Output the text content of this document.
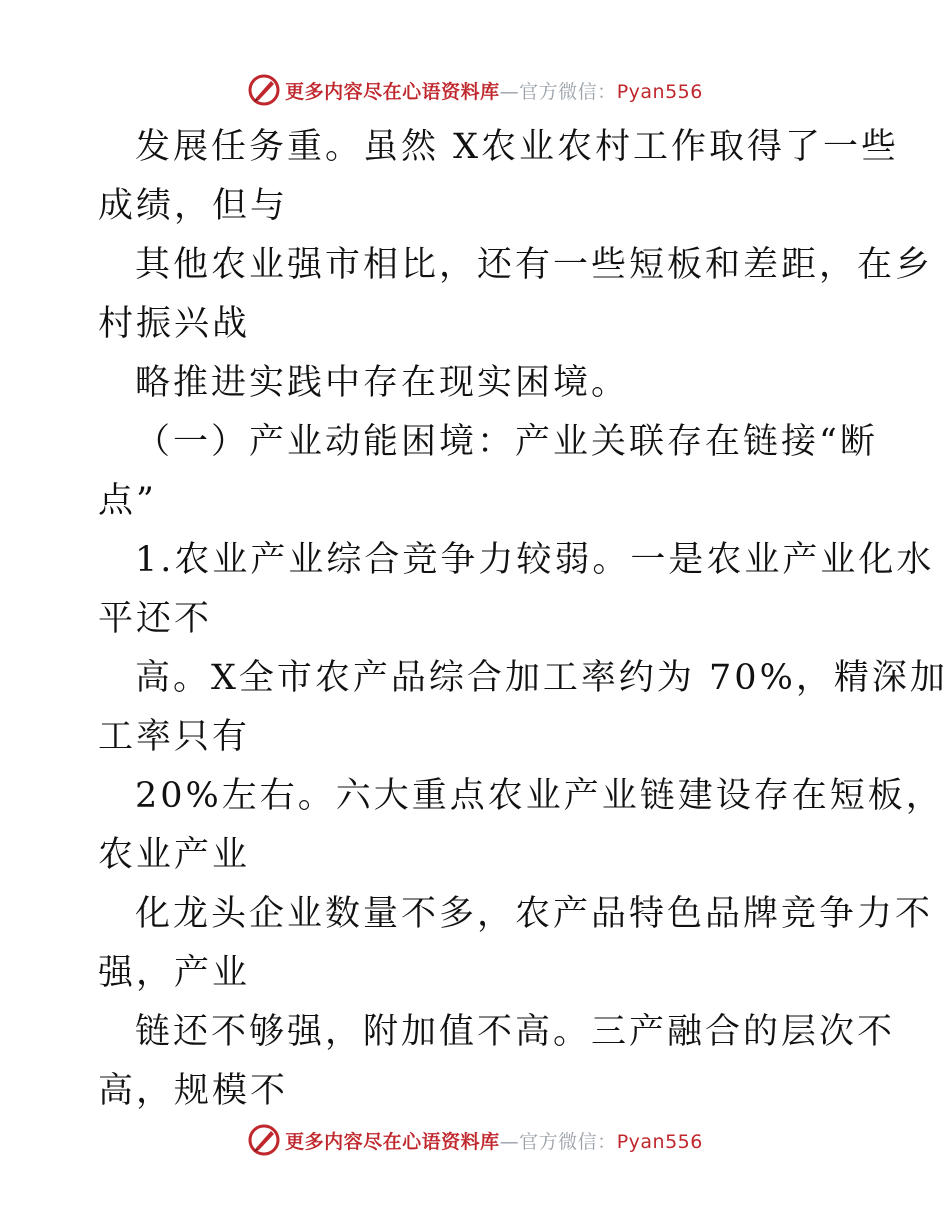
更多内容尽在心语资料库—官方微信：Pyan556
发展任务重。虽然 X农业农村工作取得了一些
成绩，但与
其他农业强市相比，还有一些短板和差距，在乡
村振兴战
略推进实践中存在现实困境。
（一）产业动能困境：产业关联存在链接“断
点”
1.农业产业综合竞争力较弱。一是农业产业化水
平还不
高。X全市农产品综合加工率约为 70%，精深加
工率只有
20%左右。六大重点农业产业链建设存在短板，
农业产业
化龙头企业数量不多，农产品特色品牌竞争力不
强，产业
链还不够强，附加值不高。三产融合的层次不
高，规模不
更多内容尽在心语资料库—官方微信：Pyan556
